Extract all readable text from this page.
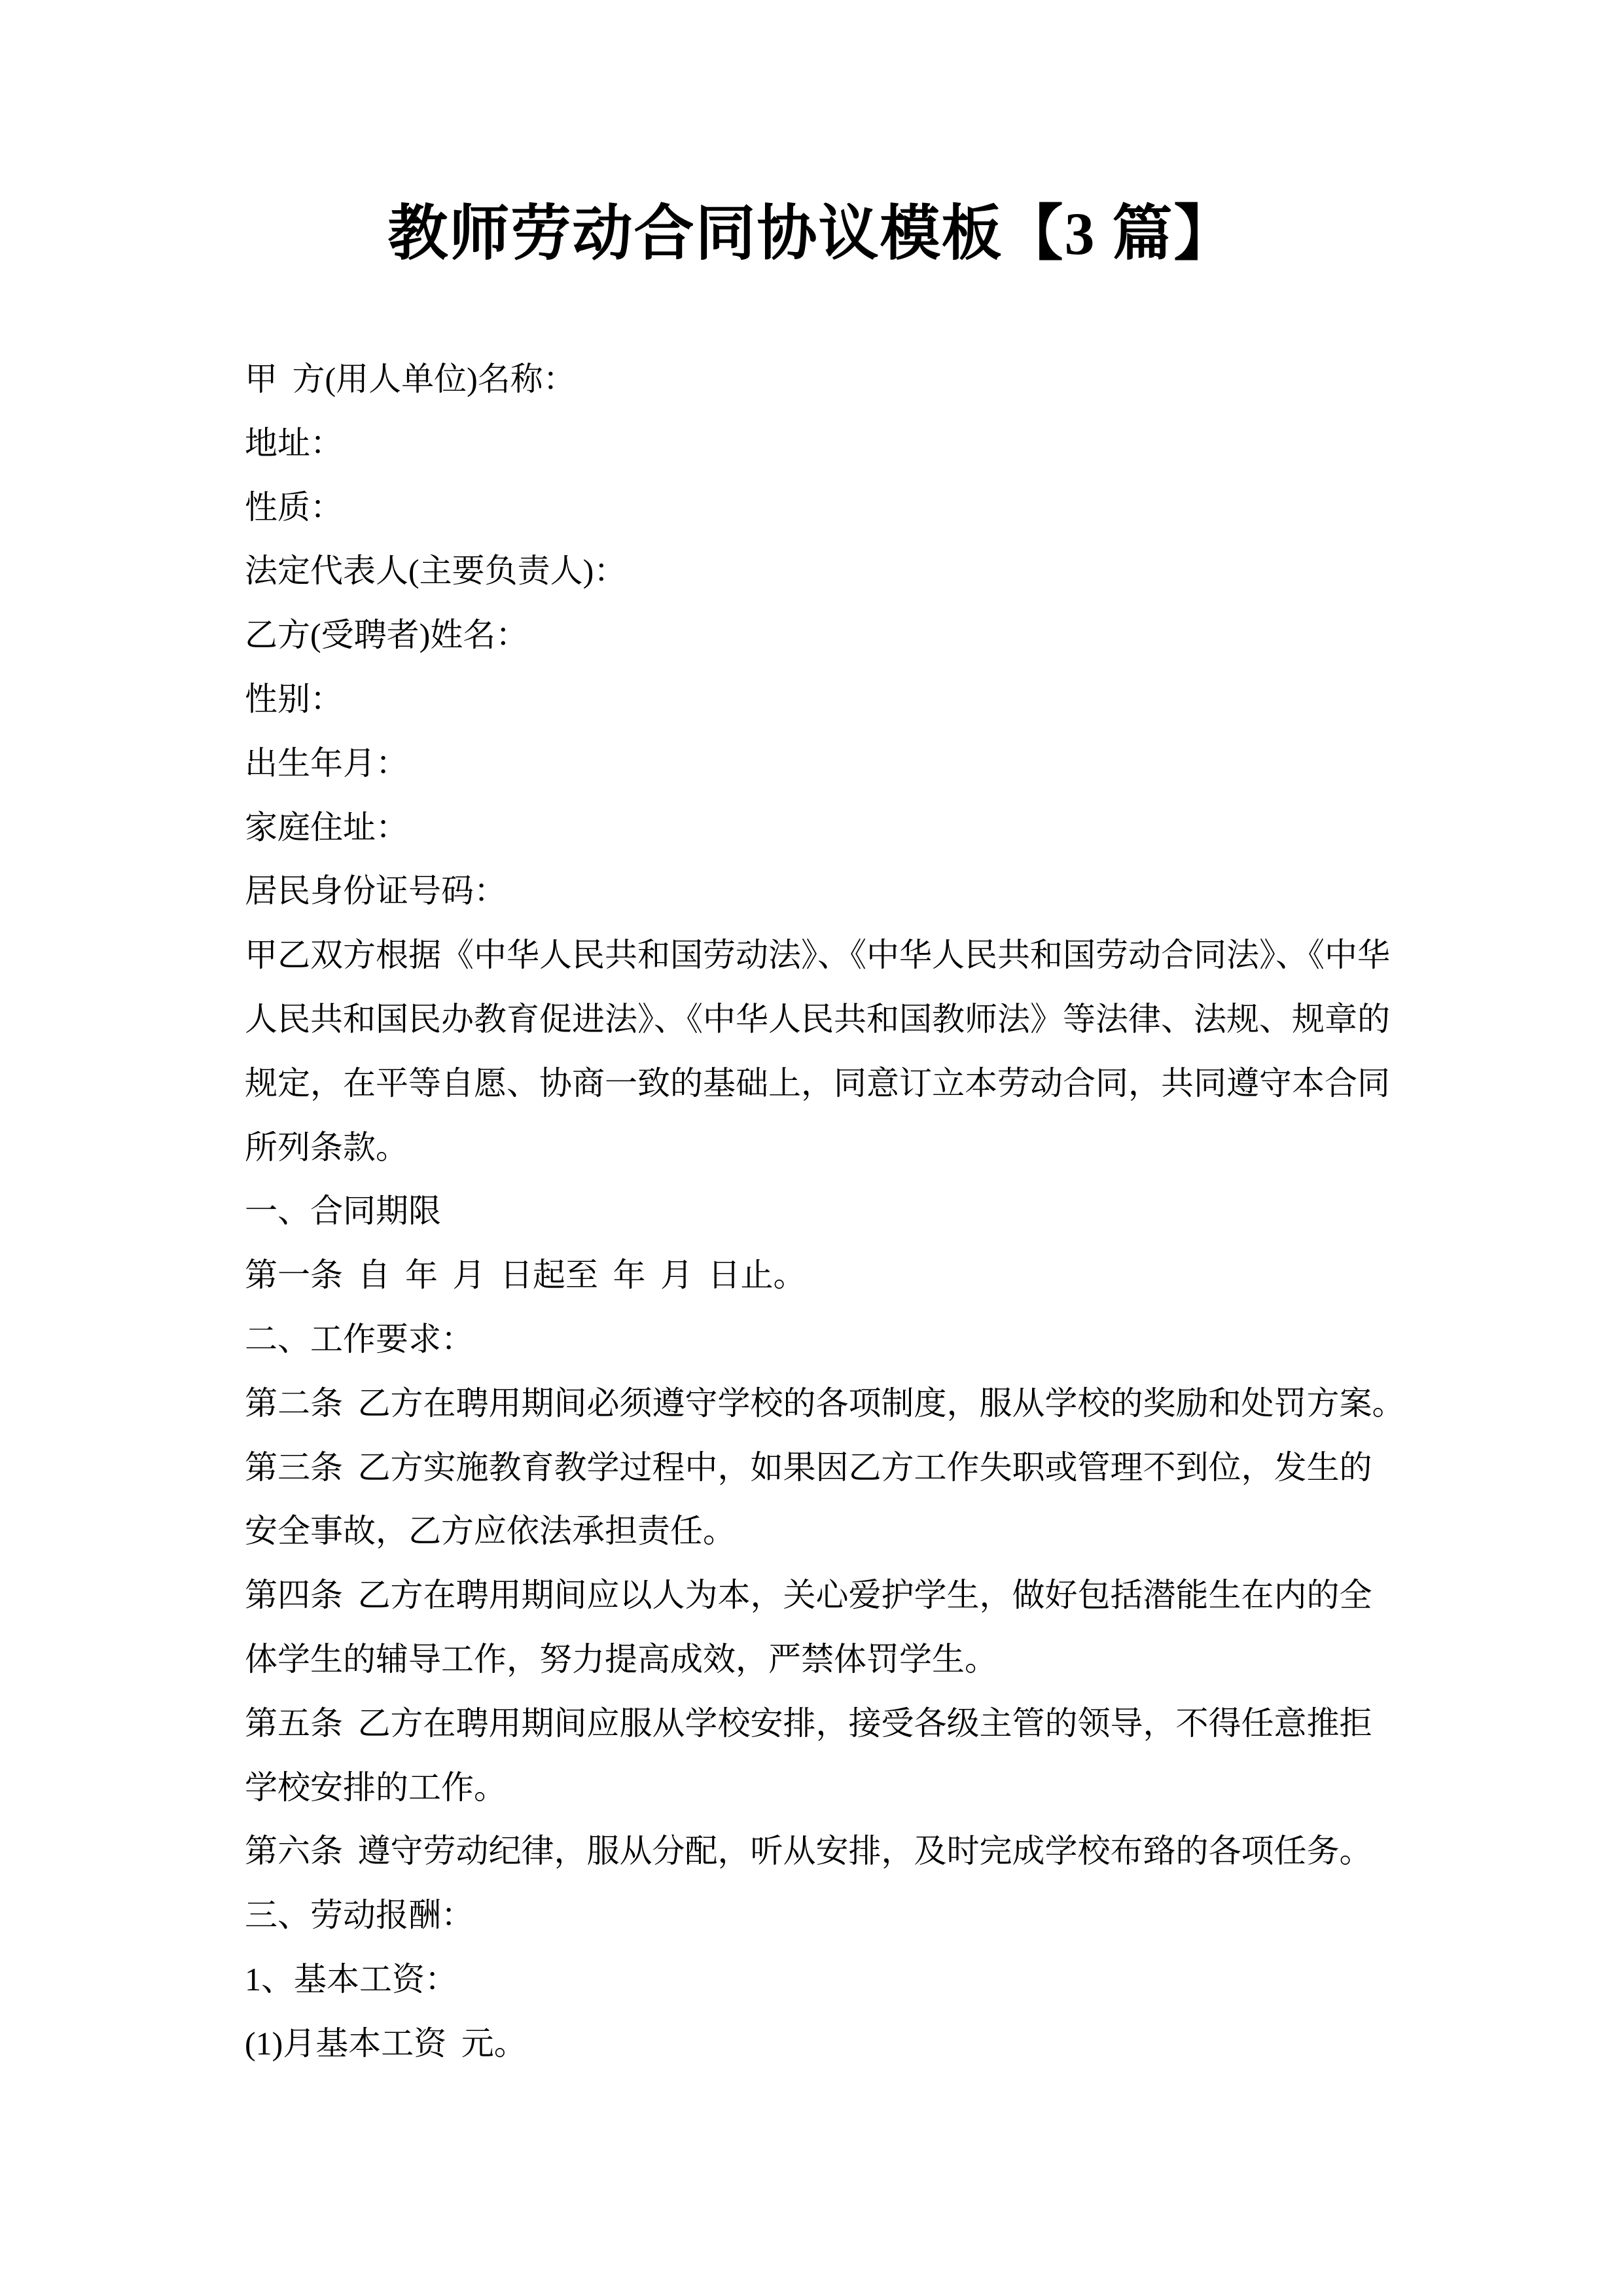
教师劳动合同协议模板【3 篇】
甲 方(用人单位)名称：
地址：
性质：
法定代表人(主要负责人)：
乙方(受聘者)姓名：
性别：
出生年月：
家庭住址：
居民身份证号码：
甲乙双方根据《中华人民共和国劳动法》、《中华人民共和国劳动合同法》、《中华
人民共和国民办教育促进法》、《中华人民共和国教师法》等法律、法规、规章的
规定，在平等自愿、协商一致的基础上，同意订立本劳动合同，共同遵守本合同
所列条款。
一、合同期限
第一条 自 年 月 日起至 年 月 日止。
二、工作要求：
第二条 乙方在聘用期间必须遵守学校的各项制度，服从学校的奖励和处罚方案。
第三条 乙方实施教育教学过程中，如果因乙方工作失职或管理不到位，发生的
安全事故，乙方应依法承担责任。
第四条 乙方在聘用期间应以人为本，关心爱护学生，做好包括潜能生在内的全
体学生的辅导工作，努力提高成效，严禁体罚学生。
第五条 乙方在聘用期间应服从学校安排，接受各级主管的领导，不得任意推拒
学校安排的工作。
第六条 遵守劳动纪律，服从分配，听从安排，及时完成学校布臵的各项任务。
三、劳动报酬：
1、基本工资：
(1)月基本工资 元。
